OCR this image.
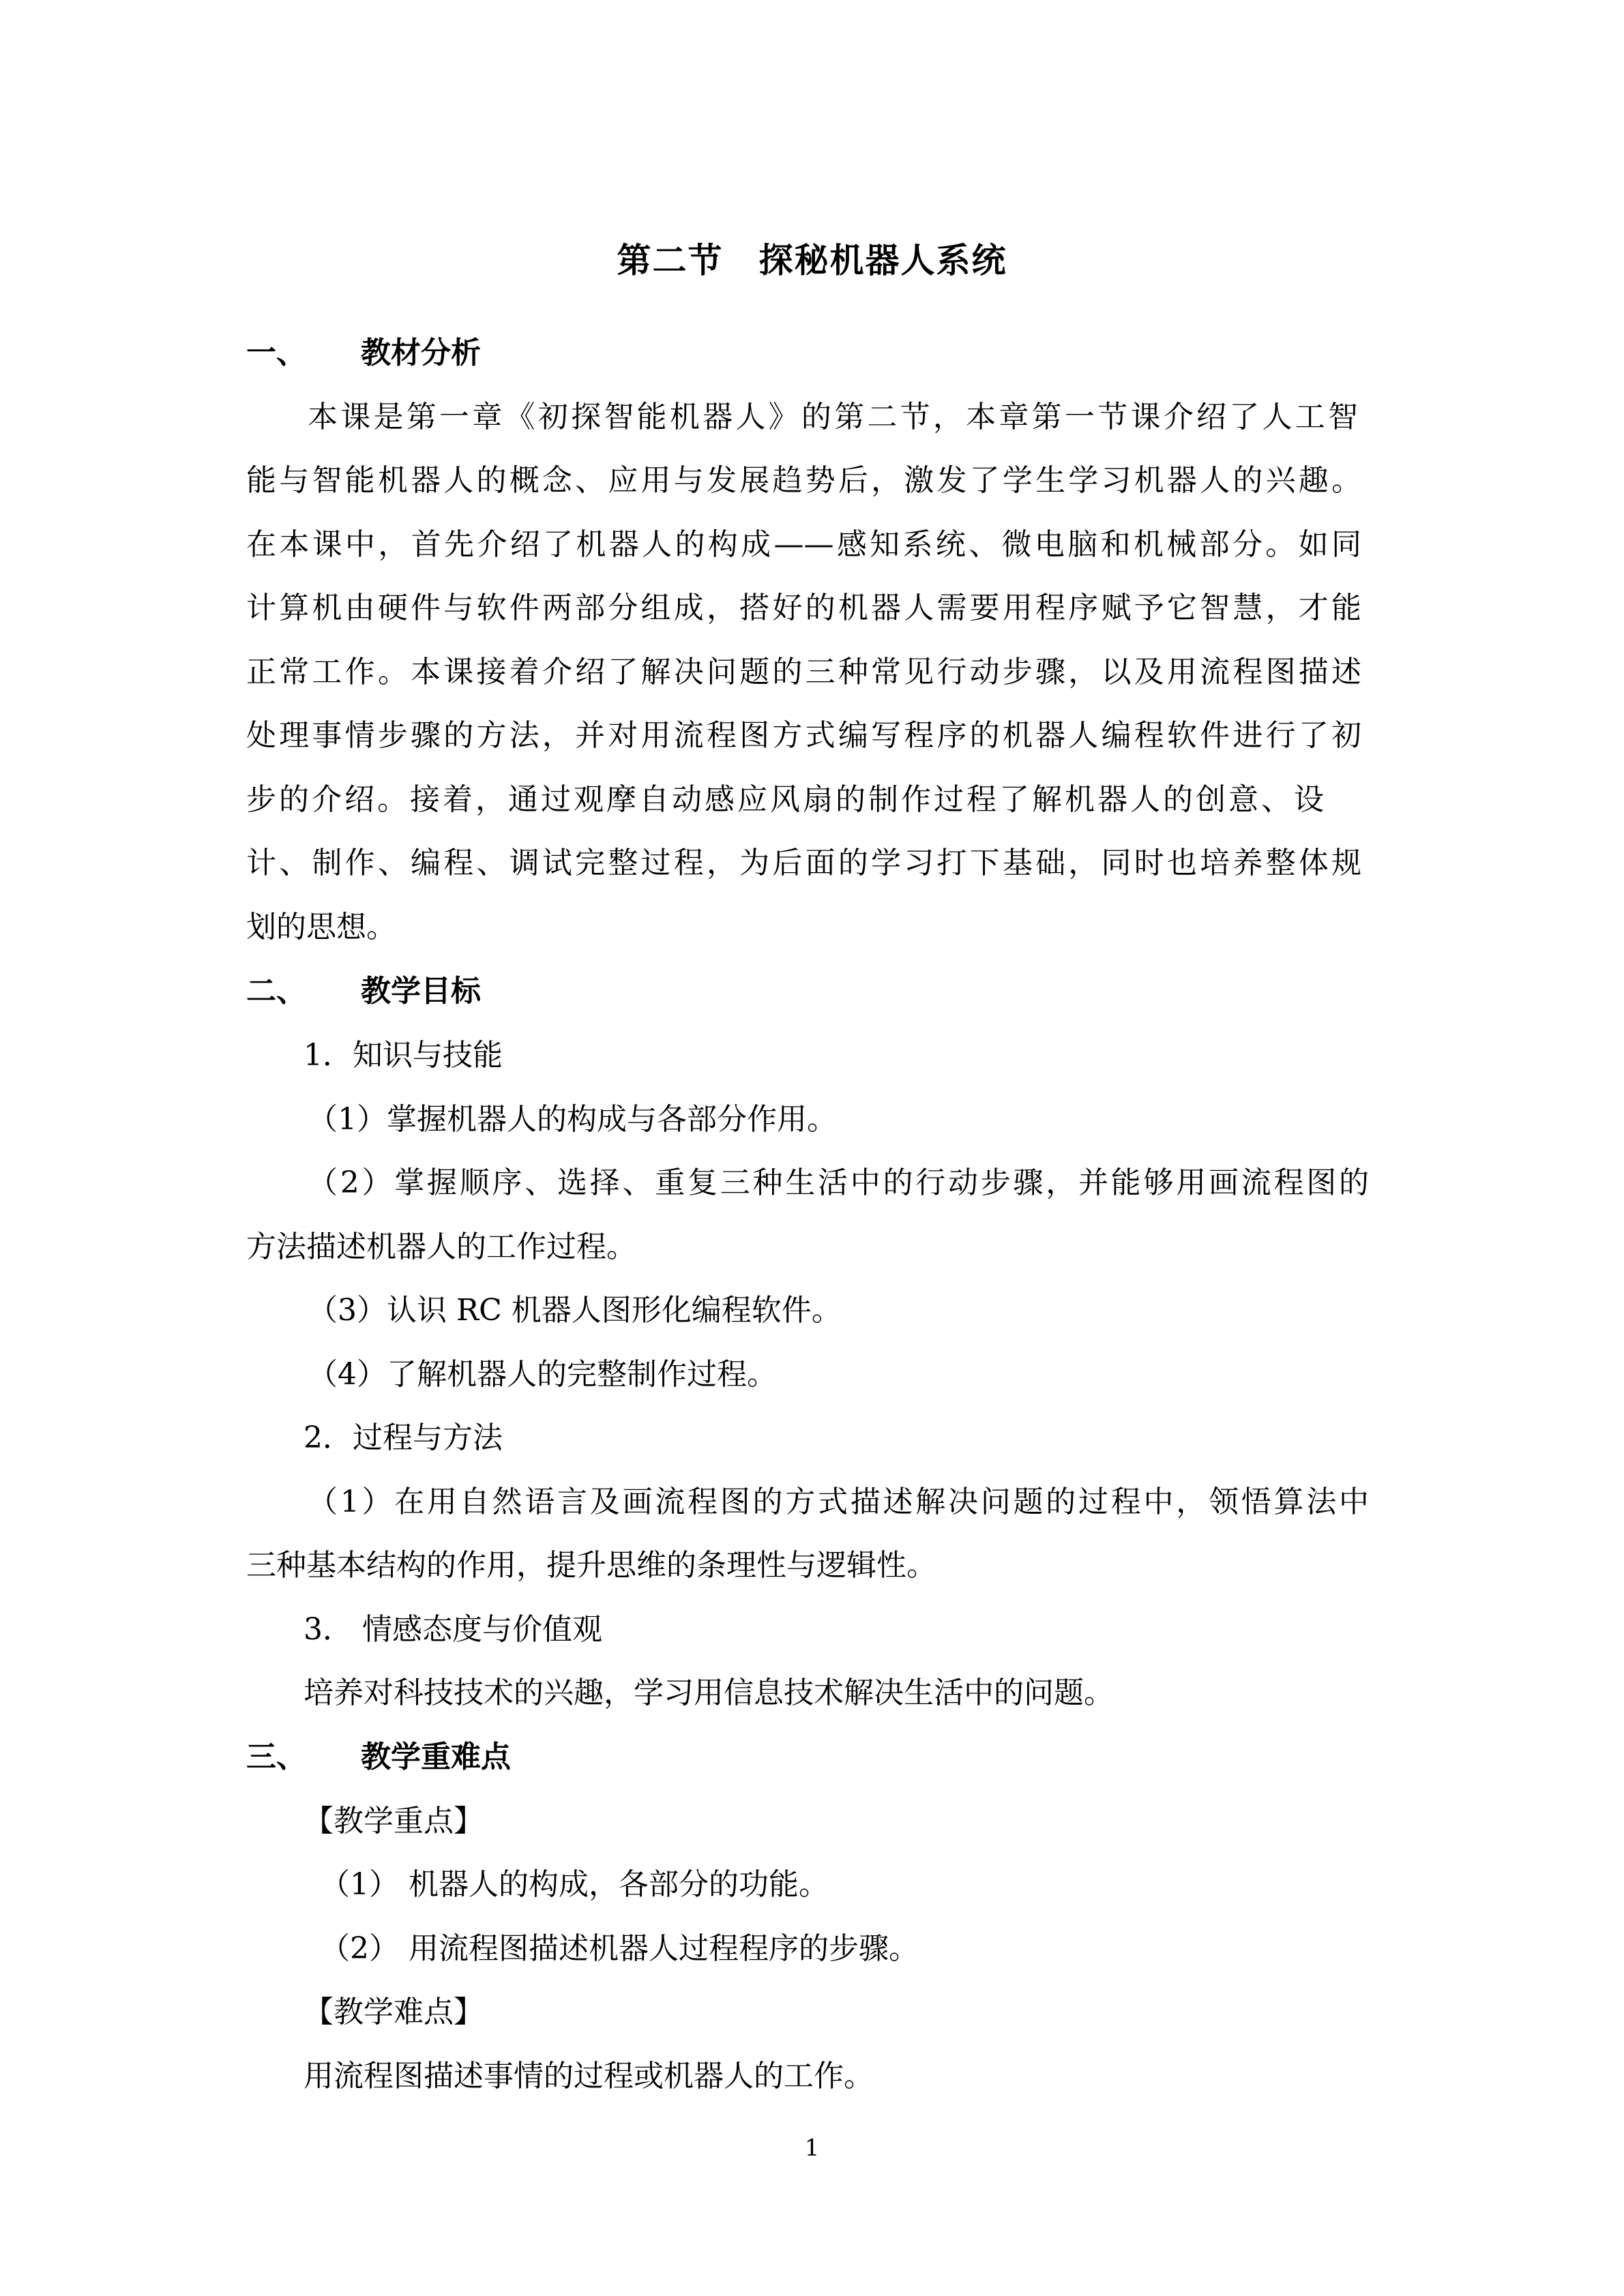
第二节　探秘机器人系统
一、 教材分析
本课是第一章《初探智能机器人》的第二节，本章第一节课介绍了人工智
能与智能机器人的概念、应用与发展趋势后，激发了学生学习机器人的兴趣。
在本课中，首先介绍了机器人的构成——感知系统、微电脑和机械部分。如同
计算机由硬件与软件两部分组成，搭好的机器人需要用程序赋予它智慧，才能
正常工作。本课接着介绍了解决问题的三种常见行动步骤，以及用流程图描述
处理事情步骤的方法，并对用流程图方式编写程序的机器人编程软件进行了初
步的介绍。接着，通过观摩自动感应风扇的制作过程了解机器人的创意、设
计、制作、编程、调试完整过程，为后面的学习打下基础，同时也培养整体规
划的思想。
二、 教学目标
1．知识与技能
（1）掌握机器人的构成与各部分作用。
（2）掌握顺序、选择、重复三种生活中的行动步骤，并能够用画流程图的
方法描述机器人的工作过程。
（3）认识 RC 机器人图形化编程软件。
（4）了解机器人的完整制作过程。
2．过程与方法
（1）在用自然语言及画流程图的方式描述解决问题的过程中，领悟算法中
三种基本结构的作用，提升思维的条理性与逻辑性。
3． 情感态度与价值观
培养对科技技术的兴趣，学习用信息技术解决生活中的问题。
三、 教学重难点
【教学重点】
（1） 机器人的构成，各部分的功能。
（2） 用流程图描述机器人过程程序的步骤。
【教学难点】
用流程图描述事情的过程或机器人的工作。
1
